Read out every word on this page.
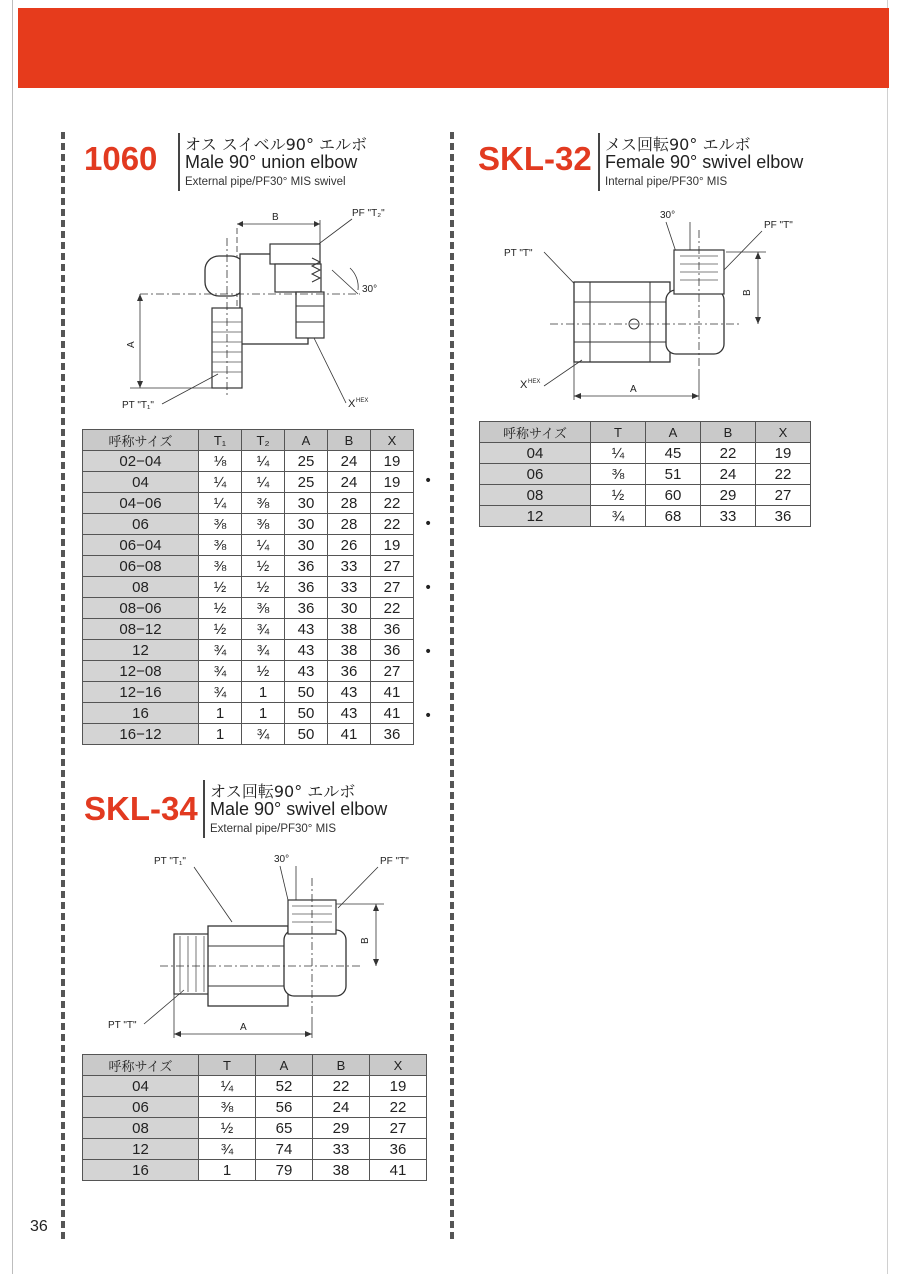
1060 オス スイベル90° エルボ
Male 90° union elbow
External pipe/PF30° MIS swivel
B	PF "T₂"
30°
A
PT "T₁"	X HEX
呼称サイズ	T₁	T₂	A	B	X
02−04	⅛	¼	25	24	19
04	¼	¼	25	24	19
04−06	¼	⅜	30	28	22
06	⅜	⅜	30	28	22
06−04	⅜	¼	30	26	19
06−08	⅜	½	36	33	27
08	½	½	36	33	27
08−06	½	⅜	36	30	22
08−12	½	¾	43	38	36
12	¾	¾	43	38	36
12−08	¾	½	43	36	27
12−16	¾	1	50	43	41
16	1	1	50	43	41
16−12	1	¾	50	41	36
SKL-32 メス回転90° エルボ
Female 90° swivel elbow
Internal pipe/PF30° MIS
30°
PF "T"
PT "T"
B
A
X HEX
呼称サイズ	T	A	B	X
04	¼	45	22	19
06	⅜	51	24	22
08	½	60	29	27
12	¾	68	33	36
SKL-34 オス回転90° エルボ
Male 90° swivel elbow
External pipe/PF30° MIS
PT "T₁"	30°	PF "T"
B
PT "T"	A
呼称サイズ	T	A	B	X
04	¼	52	22	19
06	⅜	56	24	22
08	½	65	29	27
12	¾	74	33	36
16	1	79	38	41
36
•
•
•
•
•
